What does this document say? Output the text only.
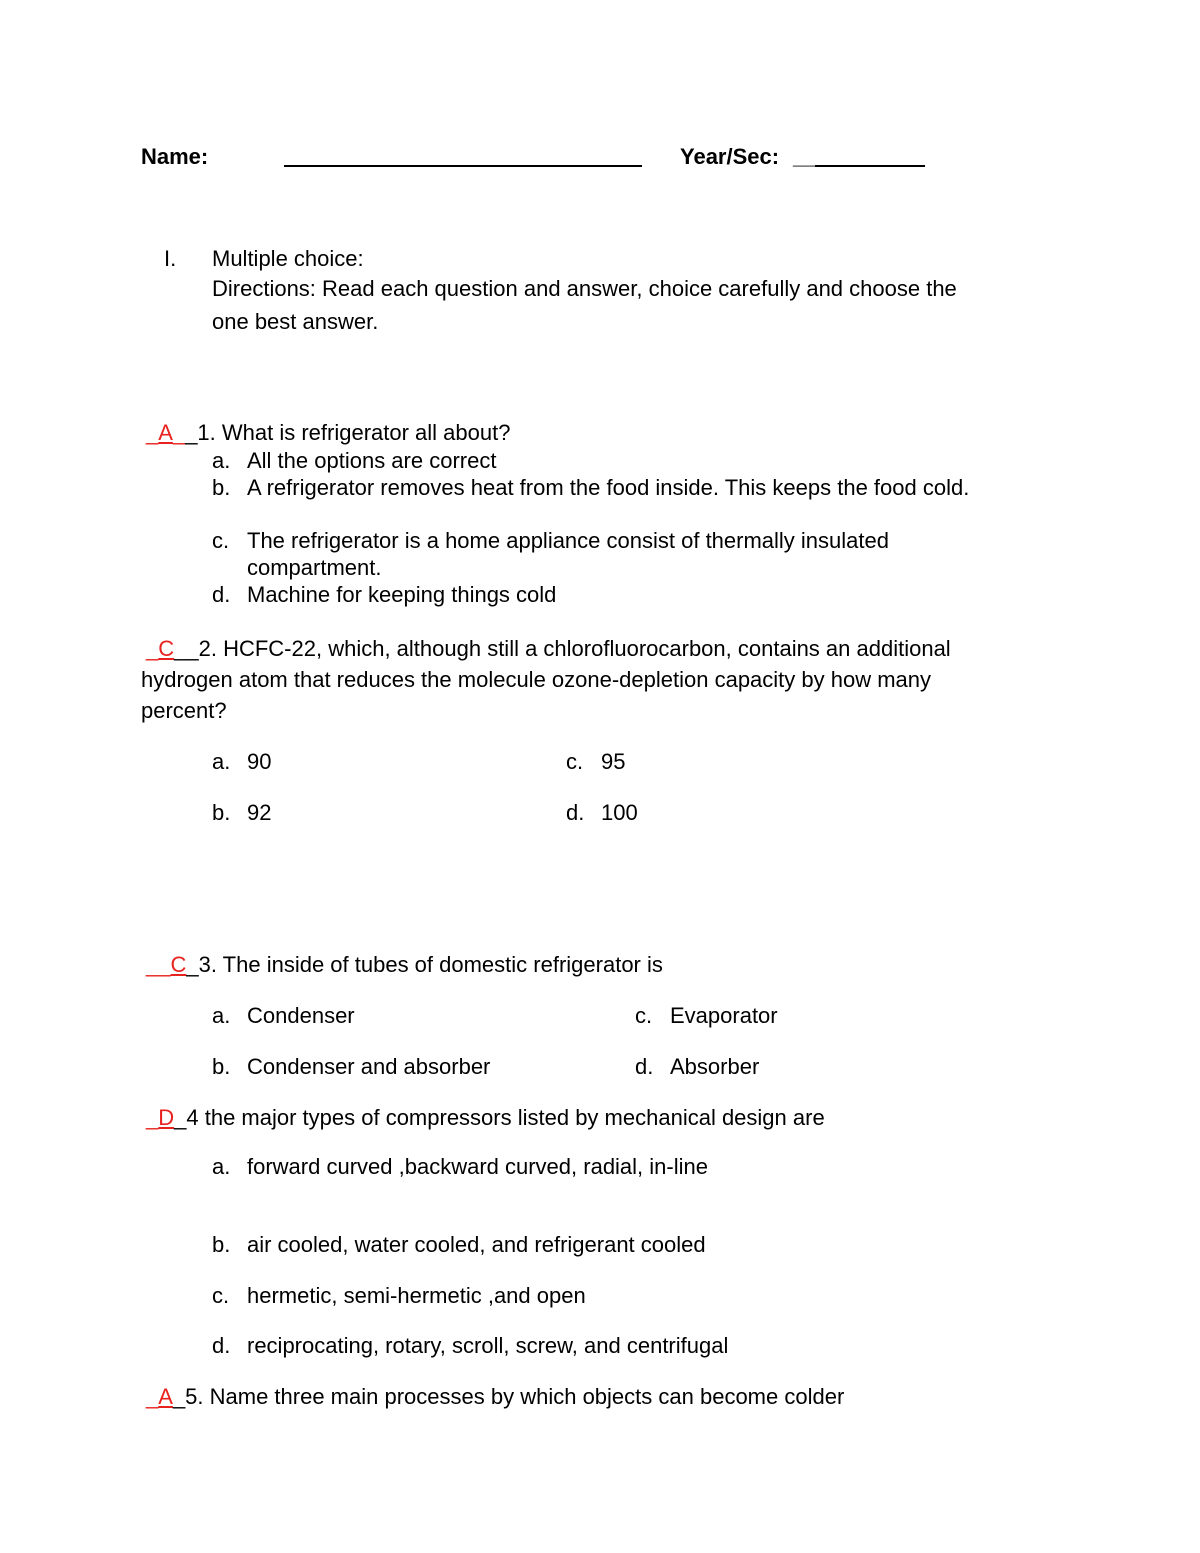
Name:	Year/Sec: __
I. Multiple choice:
Directions: Read each question and answer, choice carefully and choose the
one best answer.
_A__1. What is refrigerator all about?
a. All the options are correct
b. A refrigerator removes heat from the food inside. This keeps the food cold.
c. The refrigerator is a home appliance consist of thermally insulated
compartment.
d. Machine for keeping things cold
_C__2. HCFC-22, which, although still a chlorofluorocarbon, contains an additional
hydrogen atom that reduces the molecule ozone-depletion capacity by how many
percent?
a. 90	c. 95
b. 92	d. 100
__C_3. The inside of tubes of domestic refrigerator is
a. Condenser	c. Evaporator
b. Condenser and absorber	d. Absorber
_D_4 the major types of compressors listed by mechanical design are
a. forward curved ,backward curved, radial, in-line
b. air cooled, water cooled, and refrigerant cooled
c. hermetic, semi-hermetic ,and open
d. reciprocating, rotary, scroll, screw, and centrifugal
_A_5. Name three main processes by which objects can become colder
